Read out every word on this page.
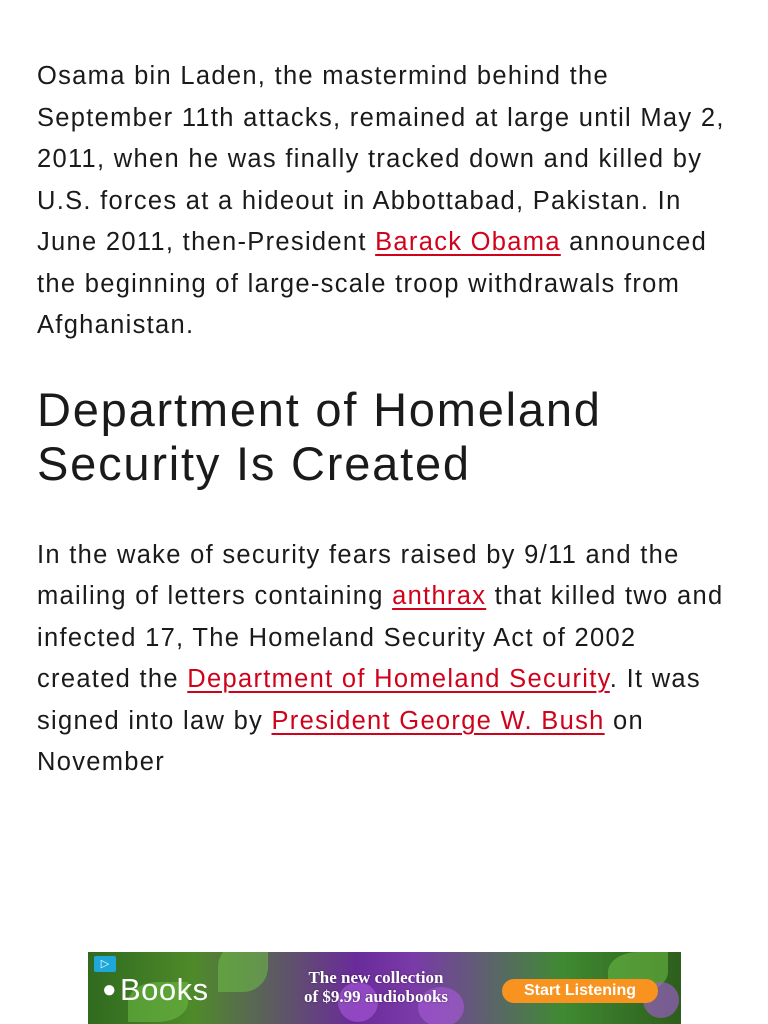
Osama bin Laden, the mastermind behind the September 11th attacks, remained at large until May 2, 2011, when he was finally tracked down and killed by U.S. forces at a hideout in Abbottabad, Pakistan. In June 2011, then-President Barack Obama announced the beginning of large-scale troop withdrawals from Afghanistan.

Department of Homeland Security Is Created

In the wake of security fears raised by 9/11 and the mailing of letters containing anthrax that killed two and infected 17, The Homeland Security Act of 2002 created the Department of Homeland Security. It was signed into law by President George W. Bush on November

▷
● Books	The new collection
of $9.99 audiobooks	Start Listening
